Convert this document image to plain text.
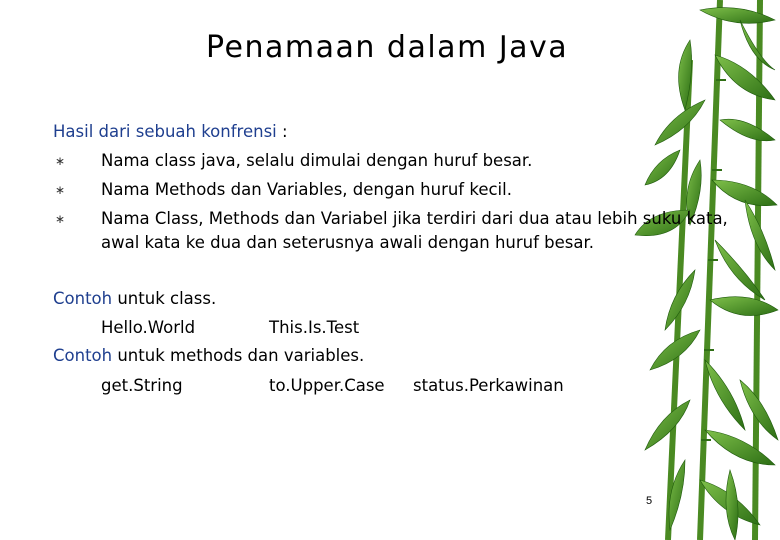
Penamaan dalam Java
Hasil dari sebuah konfrensi :
∗ Nama class java, selalu dimulai dengan huruf besar.
∗ Nama Methods dan Variables, dengan huruf kecil.
∗ Nama Class, Methods dan Variabel jika terdiri dari dua atau lebih suku kata,
awal kata ke dua dan seterusnya awali dengan huruf besar.
Contoh untuk class.
Hello.World	This.Is.Test
Contoh untuk methods dan variables.
get.String	to.Upper.Case status.Perkawinan
5
